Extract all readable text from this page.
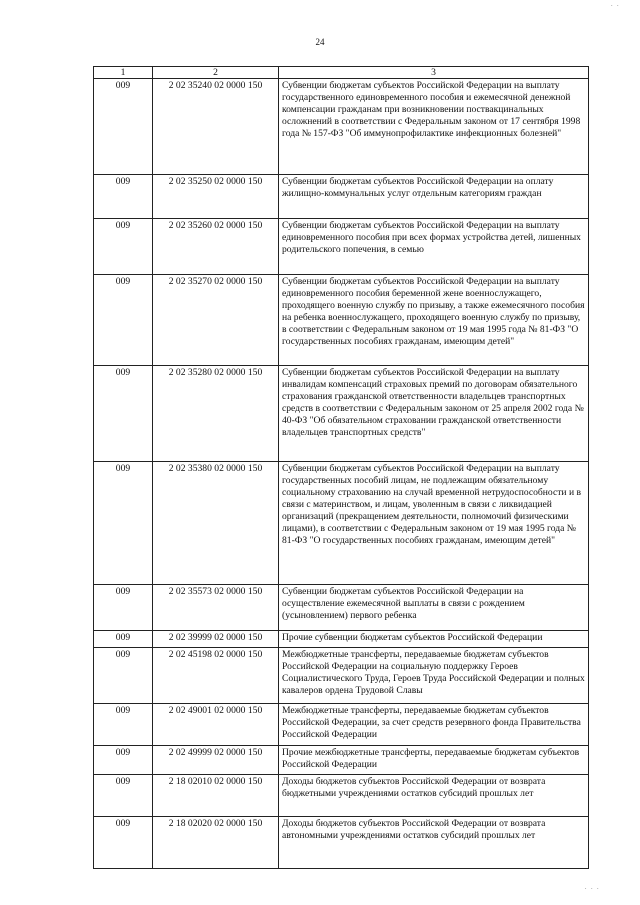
· ·
24
1	2	3
009	2 02 35240 02 0000 150	Субвенции бюджетам субъектов Российской Федерации на выплату государственного единовременного пособия и ежемесячной денежной компенсации гражданам при возникновении поствакцинальных осложнений в соответствии с Федеральным законом от 17 сентября 1998 года № 157-ФЗ "Об иммунопрофилактике инфекционных болезней"
009	2 02 35250 02 0000 150	Субвенции бюджетам субъектов Российской Федерации на оплату жилищно-коммунальных услуг отдельным категориям граждан
009	2 02 35260 02 0000 150	Субвенции бюджетам субъектов Российской Федерации на выплату единовременного пособия при всех формах устройства детей, лишенных родительского попечения, в семью
009	2 02 35270 02 0000 150	Субвенции бюджетам субъектов Российской Федерации на выплату единовременного пособия беременной жене военнослужащего, проходящего военную службу по призыву, а также ежемесячного пособия на ребенка военнослужащего, проходящего военную службу по призыву, в соответствии с Федеральным законом от 19 мая 1995 года № 81-ФЗ "О государственных пособиях гражданам, имеющим детей"
009	2 02 35280 02 0000 150	Субвенции бюджетам субъектов Российской Федерации на выплату инвалидам компенсаций страховых премий по договорам обязательного страхования гражданской ответственности владельцев транспортных средств в соответствии с Федеральным законом от 25 апреля 2002 года № 40-ФЗ "Об обязательном страховании гражданской ответственности владельцев транспортных средств"
009	2 02 35380 02 0000 150	Субвенции бюджетам субъектов Российской Федерации на выплату государственных пособий лицам, не подлежащим обязательному социальному страхованию на случай временной нетрудоспособности и в связи с материнством, и лицам, уволенным в связи с ликвидацией организаций (прекращением деятельности, полномочий физическими лицами), в соответствии с Федеральным законом от 19 мая 1995 года № 81-ФЗ "О государственных пособиях гражданам, имеющим детей"
009	2 02 35573 02 0000 150	Субвенции бюджетам субъектов Российской Федерации на осуществление ежемесячной выплаты в связи с рождением (усыновлением) первого ребенка
009	2 02 39999 02 0000 150	Прочие субвенции бюджетам субъектов Российской Федерации
009	2 02 45198 02 0000 150	Межбюджетные трансферты, передаваемые бюджетам субъектов Российской Федерации на социальную поддержку Героев Социалистического Труда, Героев Труда Российской Федерации и полных кавалеров ордена Трудовой Славы
009	2 02 49001 02 0000 150	Межбюджетные трансферты, передаваемые бюджетам субъектов Российской Федерации, за счет средств резервного фонда Правительства Российской Федерации
009	2 02 49999 02 0000 150	Прочие межбюджетные трансферты, передаваемые бюджетам субъектов Российской Федерации
009	2 18 02010 02 0000 150	Доходы бюджетов субъектов Российской Федерации от возврата бюджетными учреждениями остатков субсидий прошлых лет
009	2 18 02020 02 0000 150	Доходы бюджетов субъектов Российской Федерации от возврата автономными учреждениями остатков субсидий прошлых лет
· · ·
